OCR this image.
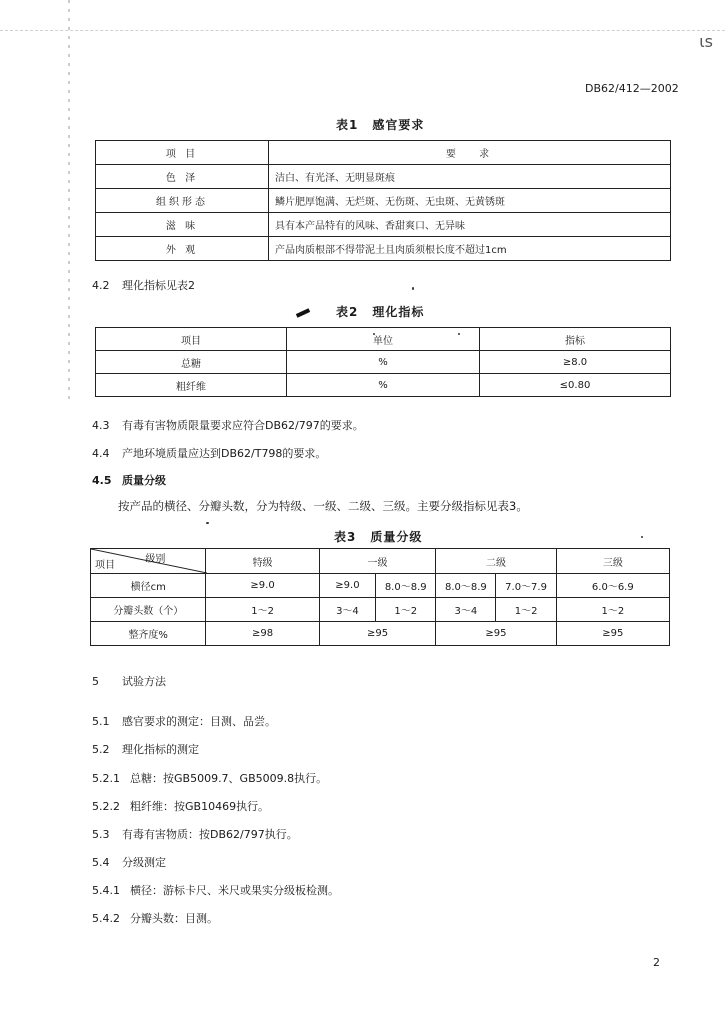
ιs
DB62/412—2002
表1 感官要求
项 目	要 求
色 泽	洁白、有光泽、无明显斑痕
组织形态	鳞片肥厚饱满、无烂斑、无伤斑、无虫斑、无黄锈斑
滋 味	具有本产品特有的风味、香甜爽口、无异味
外 观	产品肉质根部不得带泥土且肉质须根长度不超过1cm
4.2 理化指标见表2
表2 理化指标
项目	单位	指标
总糖	%	≥8.0
粗纤维	%	≤0.80
4.3 有毒有害物质限量要求应符合DB62/797的要求。
4.4 产地环境质量应达到DB62/T798的要求。
4.5 质量分级
按产品的横径、分瓣头数，分为特级、一级、二级、三级。主要分级指标见表3。
表3 质量分级
级别
项目	特级	一级		二级		三级
横径cm	≥9.0	≥9.0	8.0～8.9	8.0～8.9	7.0～7.9	6.0～6.9
分瓣头数（个）	1～2	3～4	1～2	3～4	1～2	1～2
整齐度%	≥98	≥95		≥95		≥95
5 试验方法
5.1 感官要求的测定：目测、品尝。
5.2 理化指标的测定
5.2.1 总糖：按GB5009.7、GB5009.8执行。
5.2.2 粗纤维：按GB10469执行。
5.3 有毒有害物质：按DB62/797执行。
5.4 分级测定
5.4.1 横径：游标卡尺、米尺或果实分级板检测。
5.4.2 分瓣头数：目测。
2
